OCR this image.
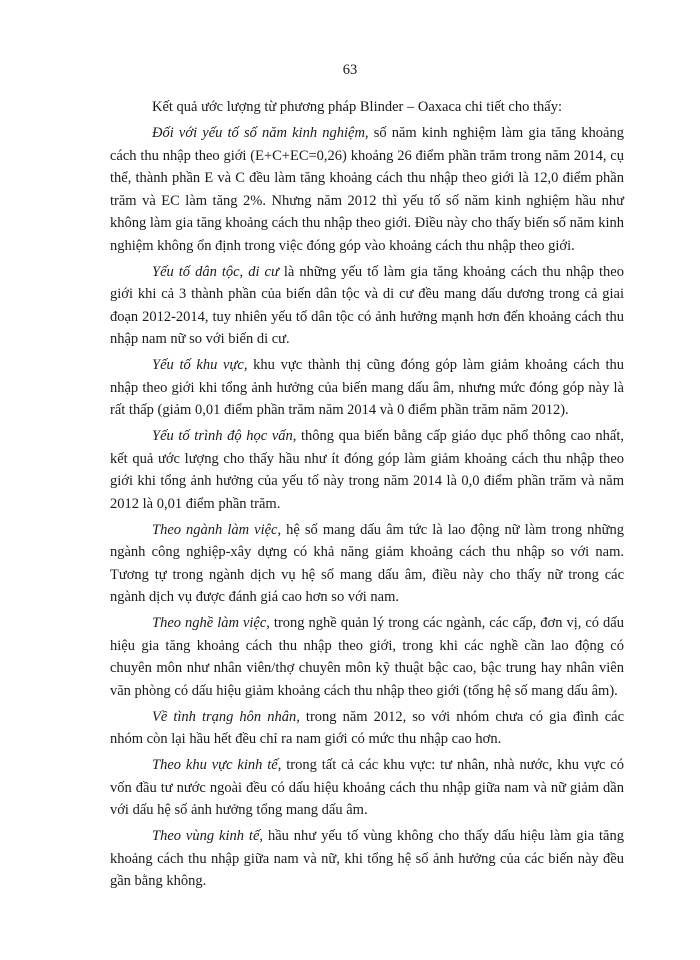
63

Kết quả ước lượng từ phương pháp Blinder – Oaxaca chi tiết cho thấy:

Đối với yếu tố số năm kinh nghiệm, số năm kinh nghiệm làm gia tăng khoảng cách thu nhập theo giới (E+C+EC=0,26) khoảng 26 điểm phần trăm trong năm 2014, cụ thể, thành phần E và C đều làm tăng khoảng cách thu nhập theo giới là 12,0 điểm phần trăm và EC làm tăng 2%. Nhưng năm 2012 thì yếu tố số năm kinh nghiệm hầu như không làm gia tăng khoảng cách thu nhập theo giới. Điều này cho thấy biến số năm kinh nghiệm không ổn định trong việc đóng góp vào khoảng cách thu nhập theo giới.

Yếu tố dân tộc, di cư là những yếu tố làm gia tăng khoảng cách thu nhập theo giới khi cả 3 thành phần của biến dân tộc và di cư đều mang dấu dương trong cả giai đoạn 2012-2014, tuy nhiên yếu tố dân tộc có ảnh hưởng mạnh hơn đến khoảng cách thu nhập nam nữ so với biến di cư.

Yếu tố khu vực, khu vực thành thị cũng đóng góp làm giảm khoảng cách thu nhập theo giới khi tổng ảnh hưởng của biến mang dấu âm, nhưng mức đóng góp này là rất thấp (giảm 0,01 điểm phần trăm năm 2014 và 0 điểm phần trăm năm 2012).

Yếu tố trình độ học vấn, thông qua biến bằng cấp giáo dục phổ thông cao nhất, kết quả ước lượng cho thấy hầu như ít đóng góp làm giảm khoảng cách thu nhập theo giới khi tổng ảnh hưởng của yếu tố này trong năm 2014 là 0,0 điểm phần trăm và năm 2012 là 0,01 điểm phần trăm.

Theo ngành làm việc, hệ số mang dấu âm tức là lao động nữ làm trong những ngành công nghiệp-xây dựng có khả năng giảm khoảng cách thu nhập so với nam. Tương tự trong ngành dịch vụ hệ số mang dấu âm, điều này cho thấy nữ trong các ngành dịch vụ được đánh giá cao hơn so với nam.

Theo nghề làm việc, trong nghề quản lý trong các ngành, các cấp, đơn vị, có dấu hiệu gia tăng khoảng cách thu nhập theo giới, trong khi các nghề cần lao động có chuyên môn như nhân viên/thợ chuyên môn kỹ thuật bậc cao, bậc trung hay nhân viên văn phòng có dấu hiệu giảm khoảng cách thu nhập theo giới (tổng hệ số mang dấu âm).

Về tình trạng hôn nhân, trong năm 2012, so với nhóm chưa có gia đình các nhóm còn lại hầu hết đều chỉ ra nam giới có mức thu nhập cao hơn.

Theo khu vực kinh tế, trong tất cả các khu vực: tư nhân, nhà nước, khu vực có vốn đầu tư nước ngoài đều có dấu hiệu khoảng cách thu nhập giữa nam và nữ giảm dần với dấu hệ số ảnh hưởng tổng mang dấu âm.

Theo vùng kinh tế, hầu như yếu tố vùng không cho thấy dấu hiệu làm gia tăng khoảng cách thu nhập giữa nam và nữ, khi tổng hệ số ảnh hưởng của các biến này đều gần bằng không.
